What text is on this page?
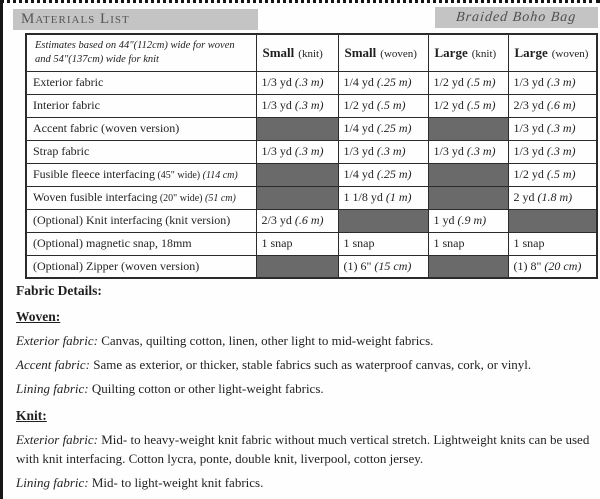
Materials List	Braided Boho Bag
Estimates based on 44"(112cm) wide for woven and 54"(137cm) wide for knit	Small (knit)	Small (woven)	Large (knit)	Large (woven)
Exterior fabric	1/3 yd (.3 m)	1/4 yd (.25 m)	1/2 yd (.5 m)	1/3 yd (.3 m)
Interior fabric	1/3 yd (.3 m)	1/2 yd (.5 m)	1/2 yd (.5 m)	2/3 yd (.6 m)
Accent fabric (woven version)		1/4 yd (.25 m)		1/3 yd (.3 m)
Strap fabric	1/3 yd (.3 m)	1/3 yd (.3 m)	1/3 yd (.3 m)	1/3 yd (.3 m)
Fusible fleece interfacing (45" wide) (114 cm)		1/4 yd (.25 m)		1/2 yd (.5 m)
Woven fusible interfacing (20" wide) (51 cm)		1 1/8 yd (1 m)		2 yd (1.8 m)
(Optional) Knit interfacing (knit version)	2/3 yd (.6 m)		1 yd (.9 m)	
(Optional) magnetic snap, 18mm	1 snap	1 snap	1 snap	1 snap
(Optional) Zipper (woven version)		(1) 6" (15 cm)		(1) 8" (20 cm)

Fabric Details:

Woven:

Exterior fabric: Canvas, quilting cotton, linen, other light to mid-weight fabrics.

Accent fabric: Same as exterior, or thicker, stable fabrics such as waterproof canvas, cork, or vinyl.

Lining fabric: Quilting cotton or other light-weight fabrics.

Knit:

Exterior fabric: Mid- to heavy-weight knit fabric without much vertical stretch. Lightweight knits can be used with knit interfacing. Cotton lycra, ponte, double knit, liverpool, cotton jersey.

Lining fabric: Mid- to light-weight knit fabrics.
